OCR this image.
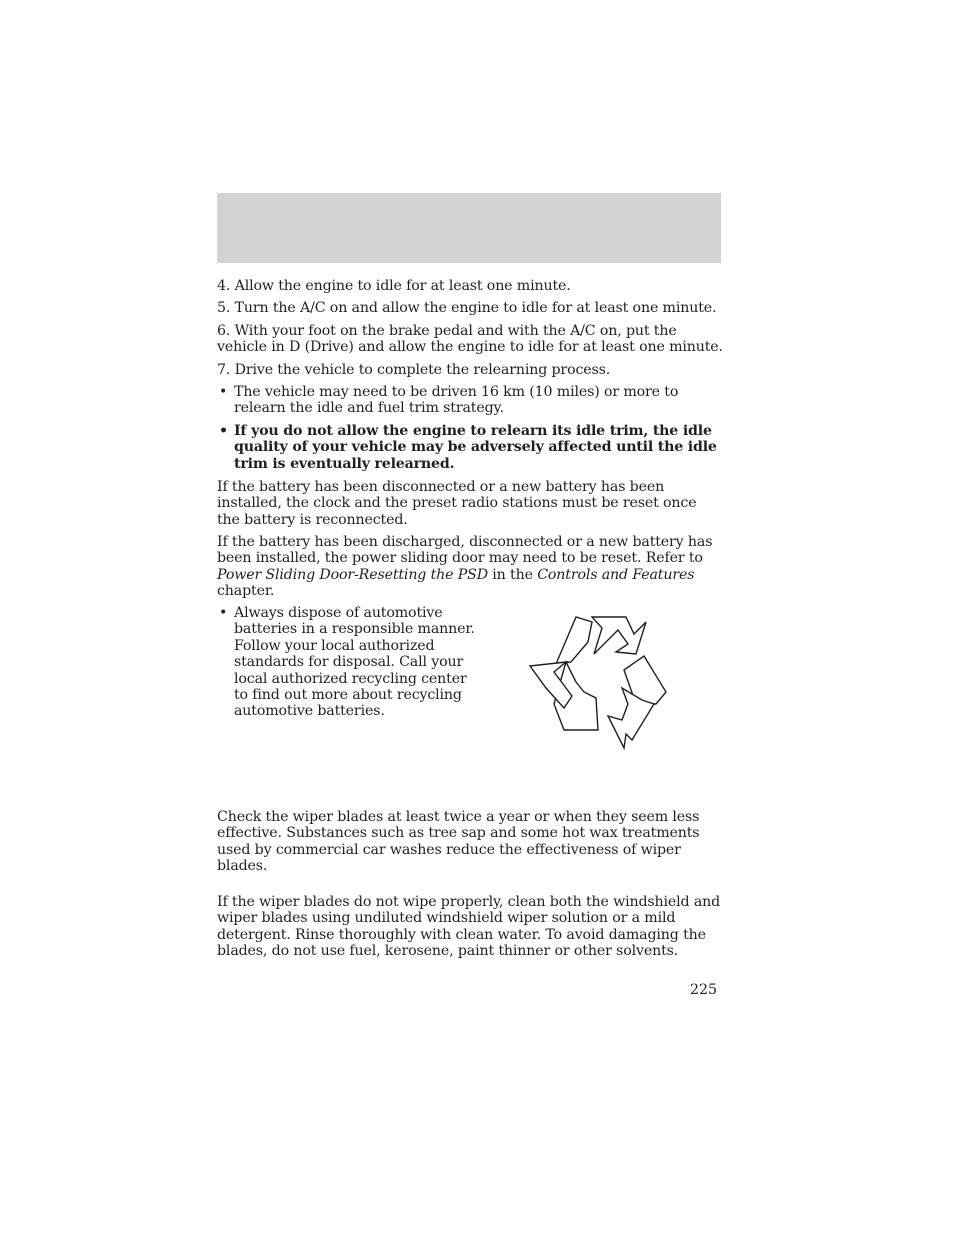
4. Allow the engine to idle for at least one minute.
5. Turn the A/C on and allow the engine to idle for at least one minute.
6. With your foot on the brake pedal and with the A/C on, put the vehicle in D (Drive) and allow the engine to idle for at least one minute.
7. Drive the vehicle to complete the relearning process.
• The vehicle may need to be driven 16 km (10 miles) or more to relearn the idle and fuel trim strategy.
• If you do not allow the engine to relearn its idle trim, the idle quality of your vehicle may be adversely affected until the idle trim is eventually relearned.
If the battery has been disconnected or a new battery has been installed, the clock and the preset radio stations must be reset once the battery is reconnected.
If the battery has been discharged, disconnected or a new battery has been installed, the power sliding door may need to be reset. Refer to Power Sliding Door-Resetting the PSD in the Controls and Features chapter.
• Always dispose of automotive batteries in a responsible manner. Follow your local authorized standards for disposal. Call your local authorized recycling center to find out more about recycling automotive batteries.
Check the wiper blades at least twice a year or when they seem less effective. Substances such as tree sap and some hot wax treatments used by commercial car washes reduce the effectiveness of wiper blades.
If the wiper blades do not wipe properly, clean both the windshield and wiper blades using undiluted windshield wiper solution or a mild detergent. Rinse thoroughly with clean water. To avoid damaging the blades, do not use fuel, kerosene, paint thinner or other solvents.
225
